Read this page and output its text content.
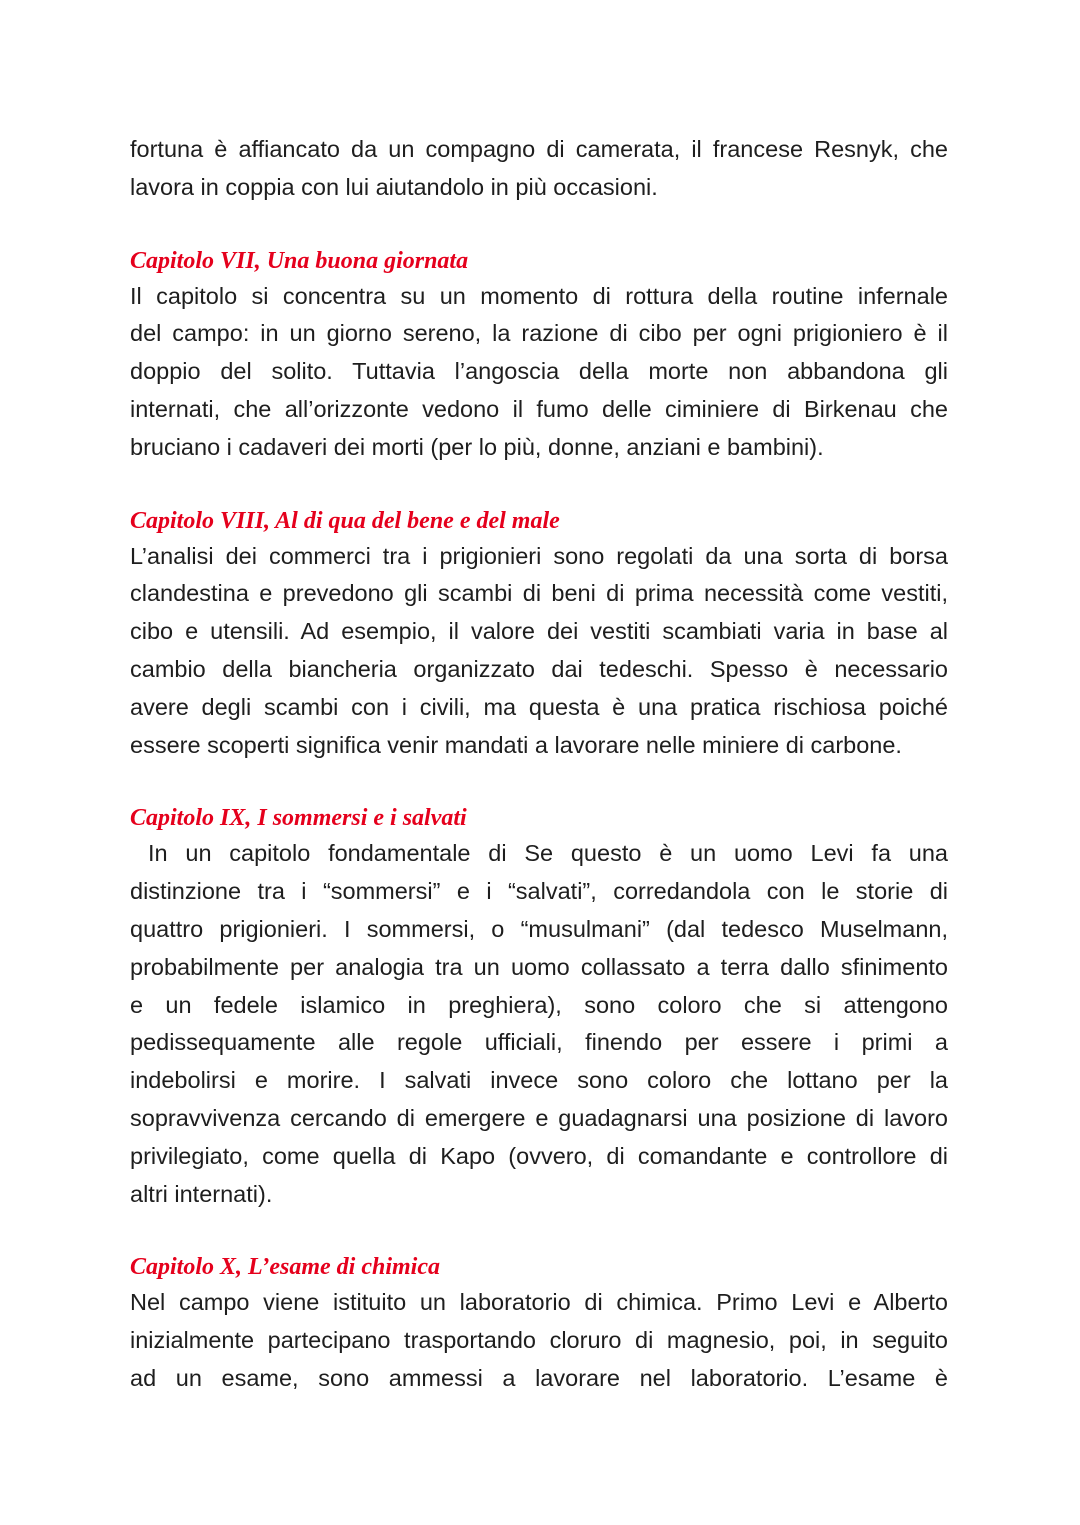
fortuna è affiancato da un compagno di camerata, il francese Resnyk, che
lavora in coppia con lui aiutandolo in più occasioni.
Capitolo VII, Una buona giornata
Il capitolo si concentra su un momento di rottura della routine infernale
del campo: in un giorno sereno, la razione di cibo per ogni prigioniero è il
doppio del solito. Tuttavia l’angoscia della morte non abbandona gli
internati, che all’orizzonte vedono il fumo delle ciminiere di Birkenau che
bruciano i cadaveri dei morti (per lo più, donne, anziani e bambini).
Capitolo VIII, Al di qua del bene e del male
L’analisi dei commerci tra i prigionieri sono regolati da una sorta di borsa
clandestina e prevedono gli scambi di beni di prima necessità come vestiti,
cibo e utensili. Ad esempio, il valore dei vestiti scambiati varia in base al
cambio della biancheria organizzato dai tedeschi. Spesso è necessario
avere degli scambi con i civili, ma questa è una pratica rischiosa poiché
essere scoperti significa venir mandati a lavorare nelle miniere di carbone.
Capitolo IX, I sommersi e i salvati
In un capitolo fondamentale di Se questo è un uomo Levi fa una
distinzione tra i “sommersi” e i “salvati”, corredandola con le storie di
quattro prigionieri. I sommersi, o “musulmani” (dal tedesco Muselmann,
probabilmente per analogia tra un uomo collassato a terra dallo sfinimento
e un fedele islamico in preghiera), sono coloro che si attengono
pedissequamente alle regole ufficiali, finendo per essere i primi a
indebolirsi e morire. I salvati invece sono coloro che lottano per la
sopravvivenza cercando di emergere e guadagnarsi una posizione di lavoro
privilegiato, come quella di Kapo (ovvero, di comandante e controllore di
altri internati).
Capitolo X, L’esame di chimica
Nel campo viene istituito un laboratorio di chimica. Primo Levi e Alberto
inizialmente partecipano trasportando cloruro di magnesio, poi, in seguito
ad un esame, sono ammessi a lavorare nel laboratorio. L’esame è
